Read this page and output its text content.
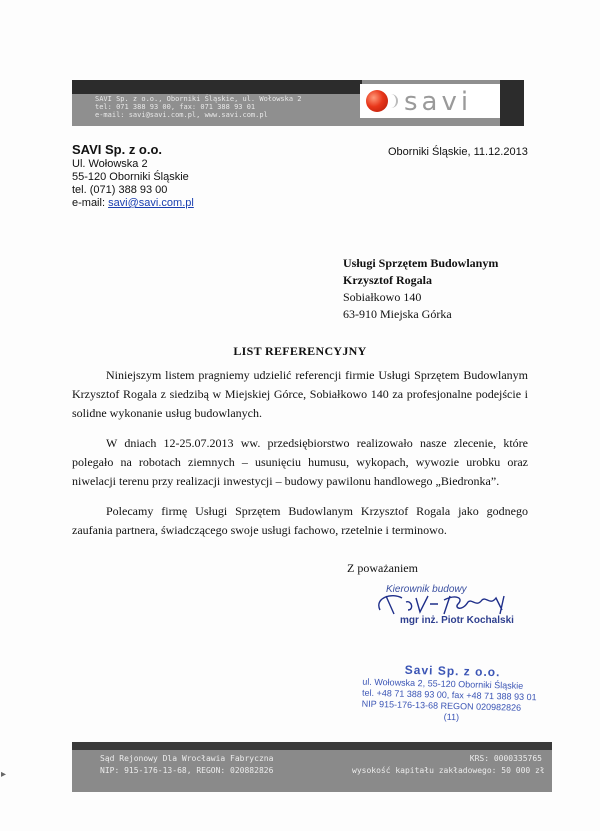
SAVI Sp. z o.o., Oborniki Śląskie, ul. Wołowska 2
tel: 071 388 93 00, fax: 071 388 93 01
e-mail: savi@savi.com.pl, www.savi.com.pl	savi
SAVI Sp. z o.o.
Ul. Wołowska 2
55-120 Oborniki Śląskie
tel. (071) 388 93 00
e-mail: savi@savi.com.pl
Oborniki Śląskie, 11.12.2013
Usługi Sprzętem Budowlanym
Krzysztof Rogala
Sobiałkowo 140
63-910 Miejska Górka
LIST REFERENCYJNY

Niniejszym listem pragniemy udzielić referencji firmie Usługi Sprzętem Budowlanym Krzysztof Rogala z siedzibą w Miejskiej Górce, Sobiałkowo 140 za profesjonalne podejście i solidne wykonanie usług budowlanych.

W dniach 12-25.07.2013 ww. przedsiębiorstwo realizowało nasze zlecenie, które polegało na robotach ziemnych – usunięciu humusu, wykopach, wywozie urobku oraz niwelacji terenu przy realizacji inwestycji – budowy pawilonu handlowego „Biedronka”.

Polecamy firmę Usługi Sprzętem Budowlanym Krzysztof Rogala jako godnego zaufania partnera, świadczącego swoje usługi fachowo, rzetelnie i terminowo.

Z poważaniem
Kierownik budowy
mgr inż. Piotr Kochalski
Savi Sp. z o.o.
ul. Wołowska 2, 55-120 Oborniki Śląskie
tel. +48 71 388 93 00, fax +48 71 388 93 01
NIP 915-176-13-68 REGON 020982826
(11)
Sąd Rejonowy Dla Wrocławia Fabryczna
NIP: 915-176-13-68, REGON: 020882826
KRS: 0000335765
wysokość kapitału zakładowego: 50 000 zł
▸
